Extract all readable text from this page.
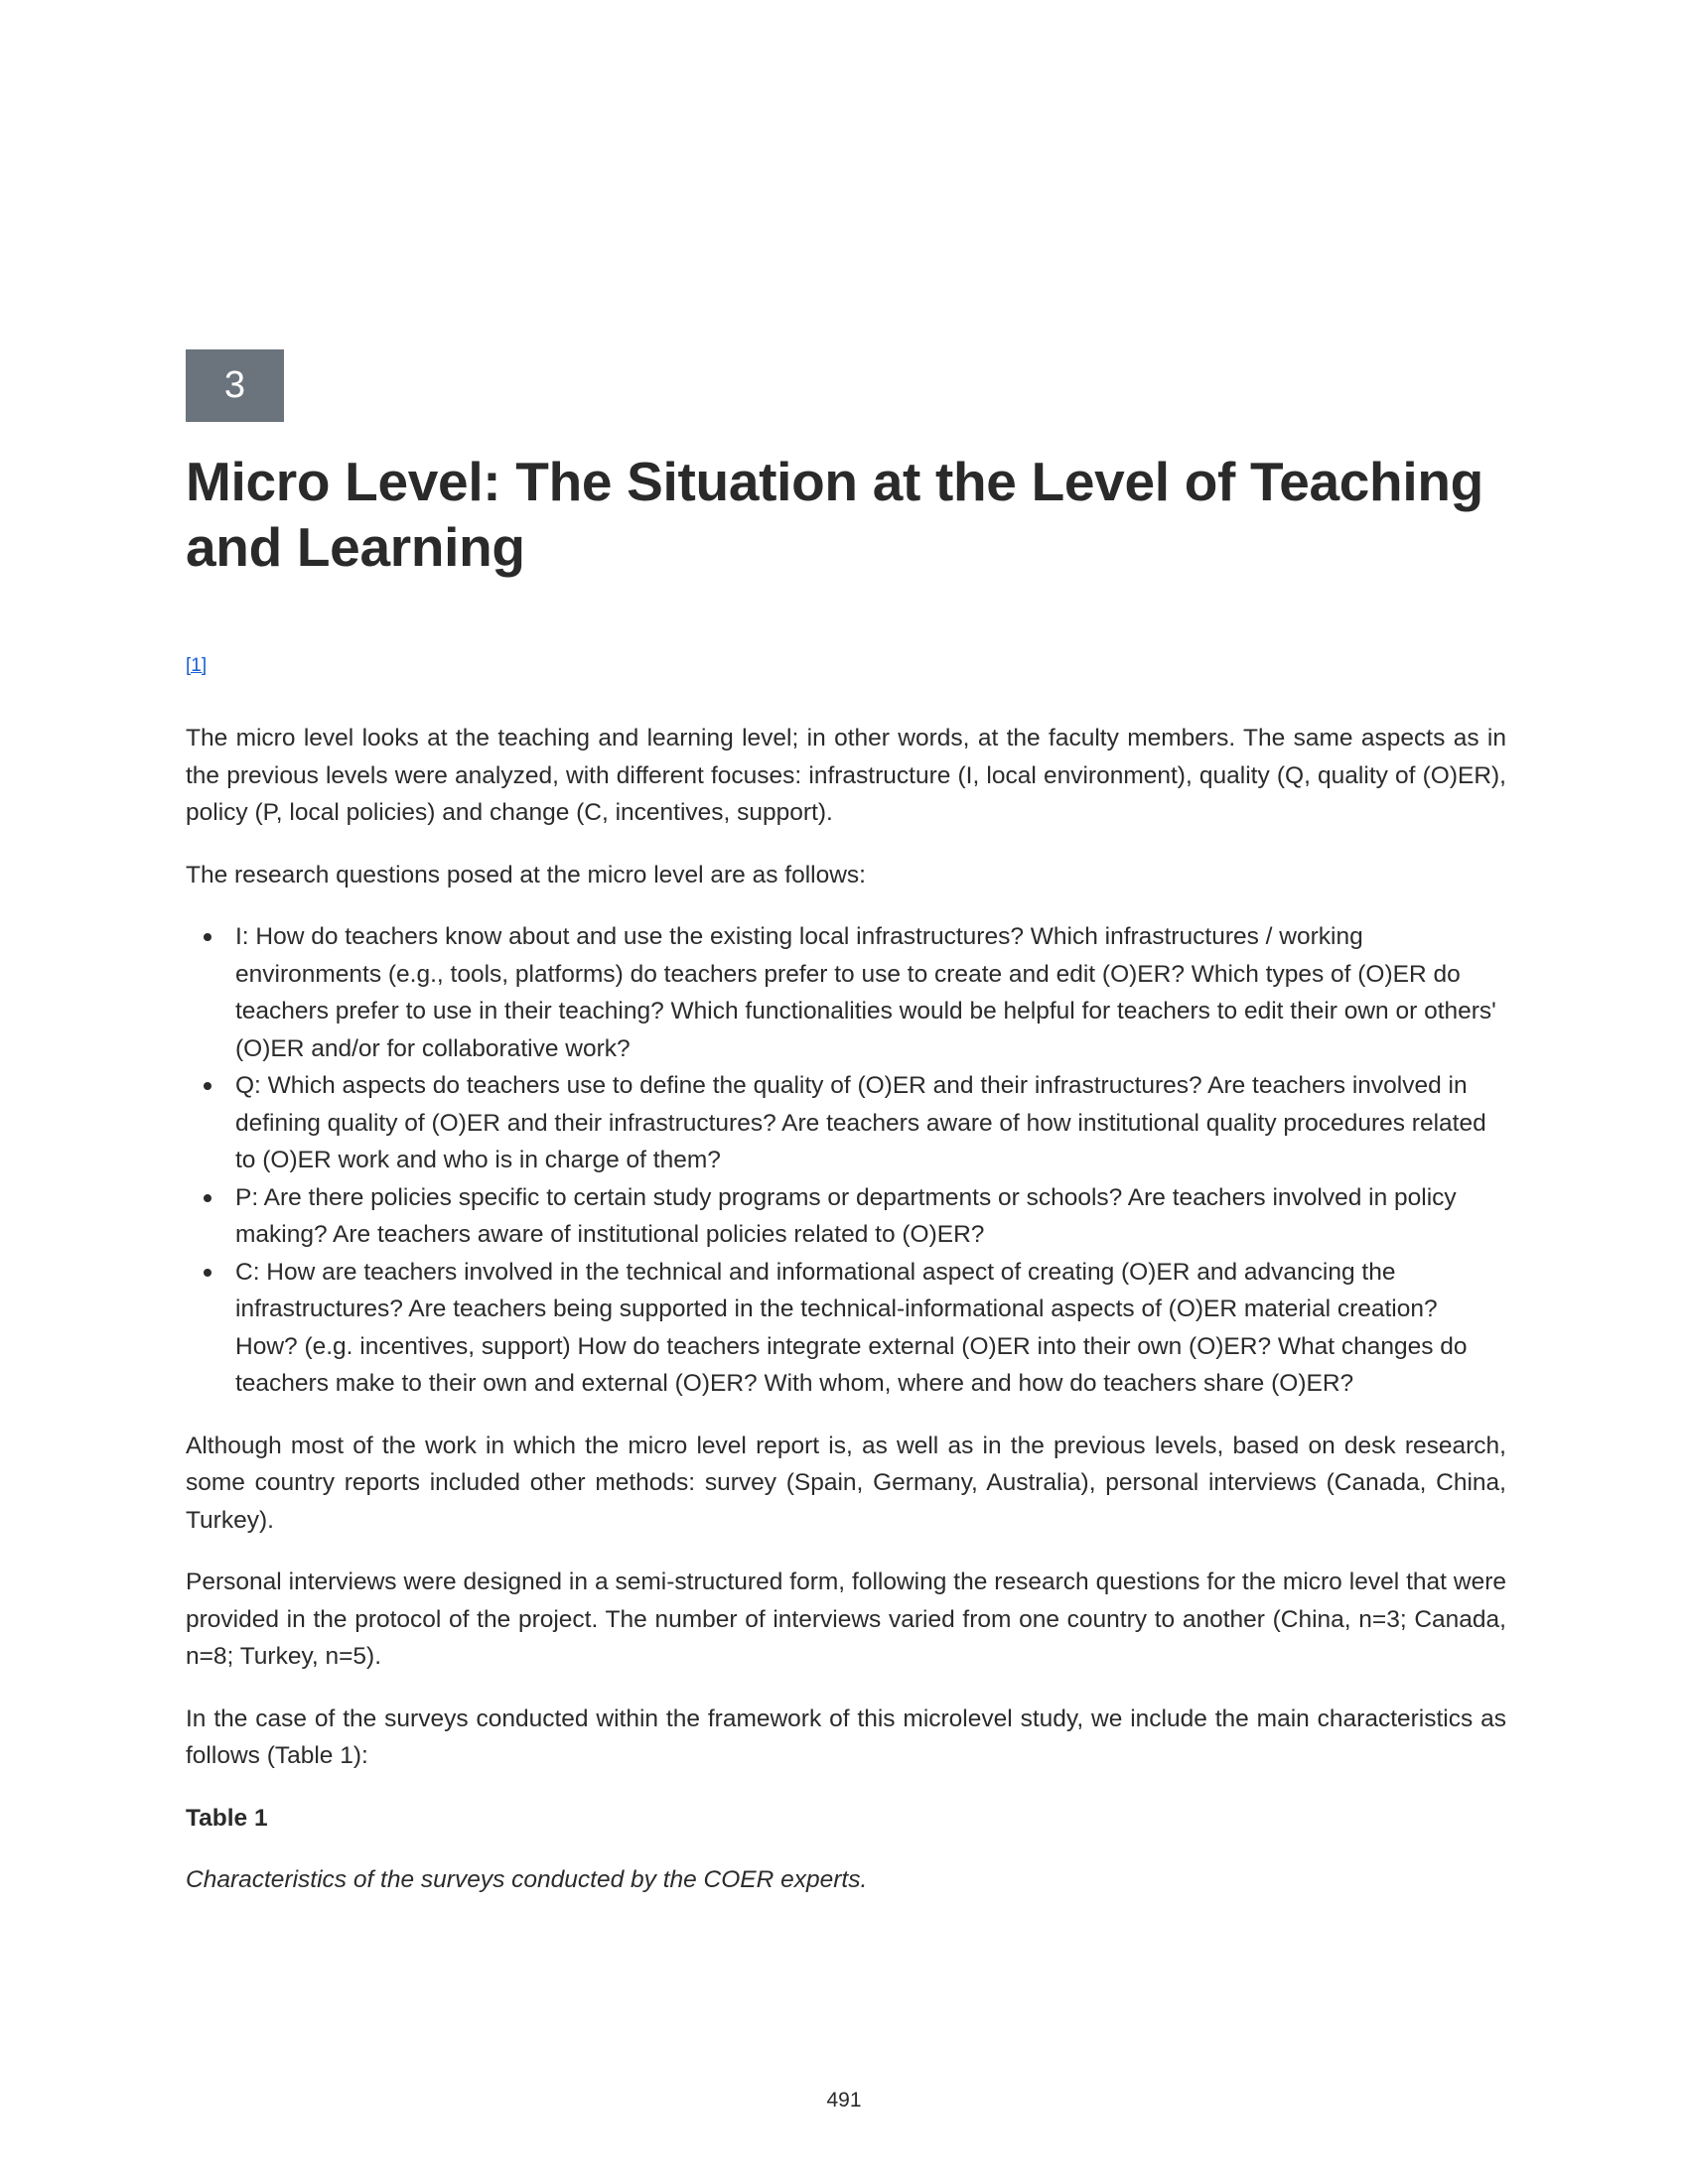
3
Micro Level: The Situation at the Level of Teaching and Learning
[1]

The micro level looks at the teaching and learning level; in other words, at the faculty members. The same aspects as in the previous levels were analyzed, with different focuses: infrastructure (I, local environment), quality (Q, quality of (O)ER), policy (P, local policies) and change (C, incentives, support).

The research questions posed at the micro level are as follows:

I: How do teachers know about and use the existing local infrastructures? Which infrastructures / working environments (e.g., tools, platforms) do teachers prefer to use to create and edit (O)ER? Which types of (O)ER do teachers prefer to use in their teaching? Which functionalities would be helpful for teachers to edit their own or others' (O)ER and/or for collaborative work?
Q: Which aspects do teachers use to define the quality of (O)ER and their infrastructures? Are teachers involved in defining quality of (O)ER and their infrastructures? Are teachers aware of how institutional quality procedures related to (O)ER work and who is in charge of them?
P: Are there policies specific to certain study programs or departments or schools? Are teachers involved in policy making? Are teachers aware of institutional policies related to (O)ER?
C: How are teachers involved in the technical and informational aspect of creating (O)ER and advancing the infrastructures? Are teachers being supported in the technical-informational aspects of (O)ER material creation? How? (e.g. incentives, support) How do teachers integrate external (O)ER into their own (O)ER? What changes do teachers make to their own and external (O)ER? With whom, where and how do teachers share (O)ER?

Although most of the work in which the micro level report is, as well as in the previous levels, based on desk research, some country reports included other methods: survey (Spain, Germany, Australia), personal interviews (Canada, China, Turkey).

Personal interviews were designed in a semi-structured form, following the research questions for the micro level that were provided in the protocol of the project. The number of interviews varied from one country to another (China, n=3; Canada, n=8; Turkey, n=5).

In the case of the surveys conducted within the framework of this microlevel study, we include the main characteristics as follows (Table 1):

Table 1

Characteristics of the surveys conducted by the COER experts.

491
